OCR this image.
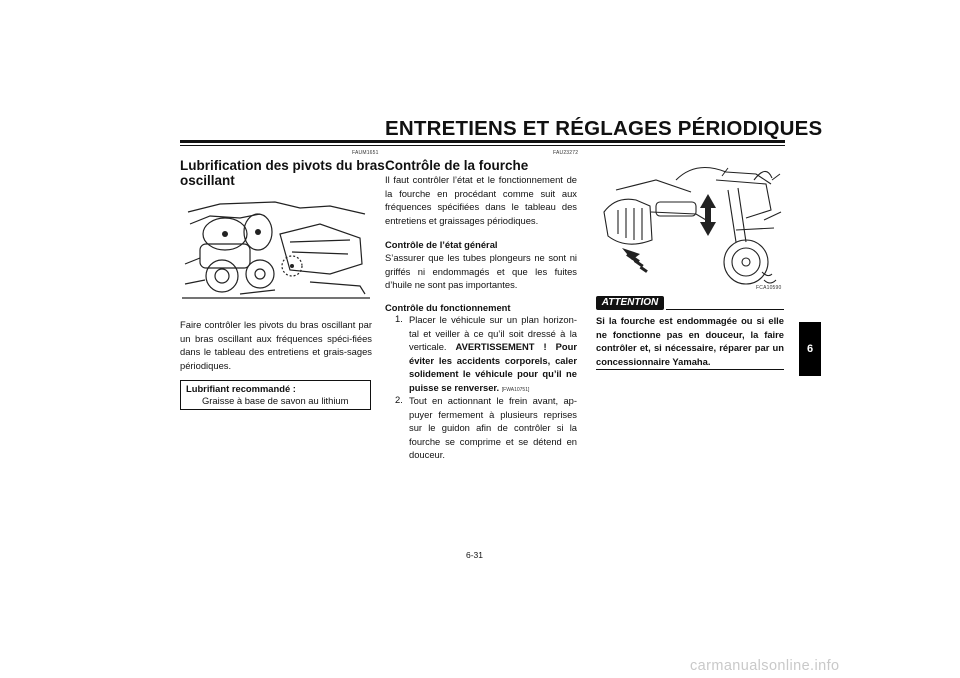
ENTRETIENS ET RÉGLAGES PÉRIODIQUES
FAUM1651
Lubrification des pivots du bras
oscillant

Faire contrôler les pivots du bras oscillant par un bras oscillant aux fréquences spéci-fiées dans le tableau des entretiens et grais-sages périodiques.

Lubrifiant recommandé :
Graisse à base de savon au lithium
FAU23272
Contrôle de la fourche

Il faut contrôler l’état et le fonctionnement de la fourche en procédant comme suit aux fréquences spécifiées dans le tableau des entretiens et graissages périodiques.

Contrôle de l’état général

S’assurer que les tubes plongeurs ne sont ni griffés ni endommagés et que les fuites d’huile ne sont pas importantes.

Contrôle du fonctionnement
1. Placer le véhicule sur un plan horizon-tal et veiller à ce qu’il soit dressé à la verticale. AVERTISSEMENT ! Pour éviter les accidents corporels, caler solidement le véhicule pour qu’il ne puisse se renverser. [FWA10751]
2. Tout en actionnant le frein avant, ap-puyer fermement à plusieurs reprises sur le guidon afin de contrôler si la fourche se comprime et se détend en douceur.
FCA10590
ATTENTION
Si la fourche est endommagée ou si elle ne fonctionne pas en douceur, la faire contrôler et, si nécessaire, réparer par un concessionnaire Yamaha.
6
6-31
carmanualsonline.info
